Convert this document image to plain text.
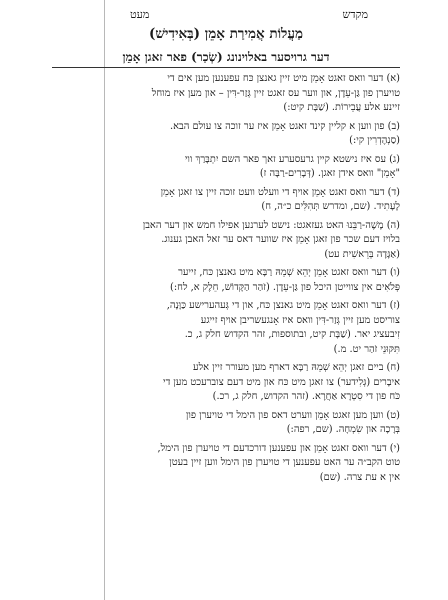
מקדש
מעט
מַעֲלוֹת אֲמִירַת אָמֵן (בְּאִידִישׁ)
דער גרויסער באלוינונג (שְׂכַר) פאר זאגן אָמֵן
(א) דער וואס זאגט אָמֵן מיט זיין גאנצן כּח עפענען מען אים די
טויערן פון גַּן-עֵדֶן, און ווער עס זאגט זיין גְּזַר-דִּין – און מען איז מוחל
זיינע אלע עֲבֵירוֹת. (שַׁבָּת קיט:)
(ב) פון ווען א קליין קינד זאגט אָמֵן איז ער זוכה צו עולם הבא.
(סַנְהֶדְרִין קי:)
(ג) עס איז נישטא קיין גרעסערע זאך פאר השם יִתְבָּרַךְ ווי
"אָמֵן" וואס אידן זאגן. (דְּבָרִים-רַבָּה ז)
(ד) דער וואס זאגט אָמֵן אויף די וועלט וועט זוכה זיין צו זאגן אָמֵן
לֶעָתִיד. (שם, ומדרש תְּהִלִּים כ״ה, ח)
(ה) מֶשֶׁה-רַבֵּנוּ האט געזאגט: נישט לערנען אפילו חמש און דער האבן
בלויז דעם שכר פון זאגן אָמֵן איז שווער דאס ער זאל האבן גענוג.
(אַגָּדָה בְּרֵאשִׁית עט)
(ו) דער וואס זאגט אָמֵן יְהֵא שְׁמֵהּ רַבָּא מיט גאנצן כּח, זייער
פְּלֹאִים אין צווייטן היכל פון גַּן-עֵדֶן. (זֹהַר הַקָּדוֹשׁ, חֵלֶק א, לח:)
(ז) דער וואס זאגט אָמֵן מיט גאנצן כּח, און די גְּעהערישע כַּוָּנָה,
צוריסט מען זיין גְּזַר-דִּין וואס איז אָנגעשריבן אויף זייגע
זִיבעציג יאר. (שַׁבָּת קיט, ובתוספות, זהר הקדוש חלק ג, כ.
תִּקּוּנֵי זֹהַר יט. מ.)
(ח) ביים זאגן יְהֵא שְׁמֵהּ רַבָּא דארף מען מעורר זיין אלע
איבָרים (גְּלִידער) צו זאגן מיט כּח און מיט דעם צוברעכט מען די
כֹּח פון די סִטְרָא אַחֲרָא. (זהר הקדוש, חלק ג, רכ.)
(ט) ווען מען זאגט אָמֵן ווערט דאס פון הימל די טויערן פון
בְּרָכָה און שִׂמְחָה. (שם, רפה:)
(י) דער וואס זאגט אָמֵן און עפענען דורכדעם די טויערן פון הימל,
טוט הקב״ה ער האט עפענען די טויערן פון הימל ווען זיין בעטן
אין א עת צרה. (שם)
